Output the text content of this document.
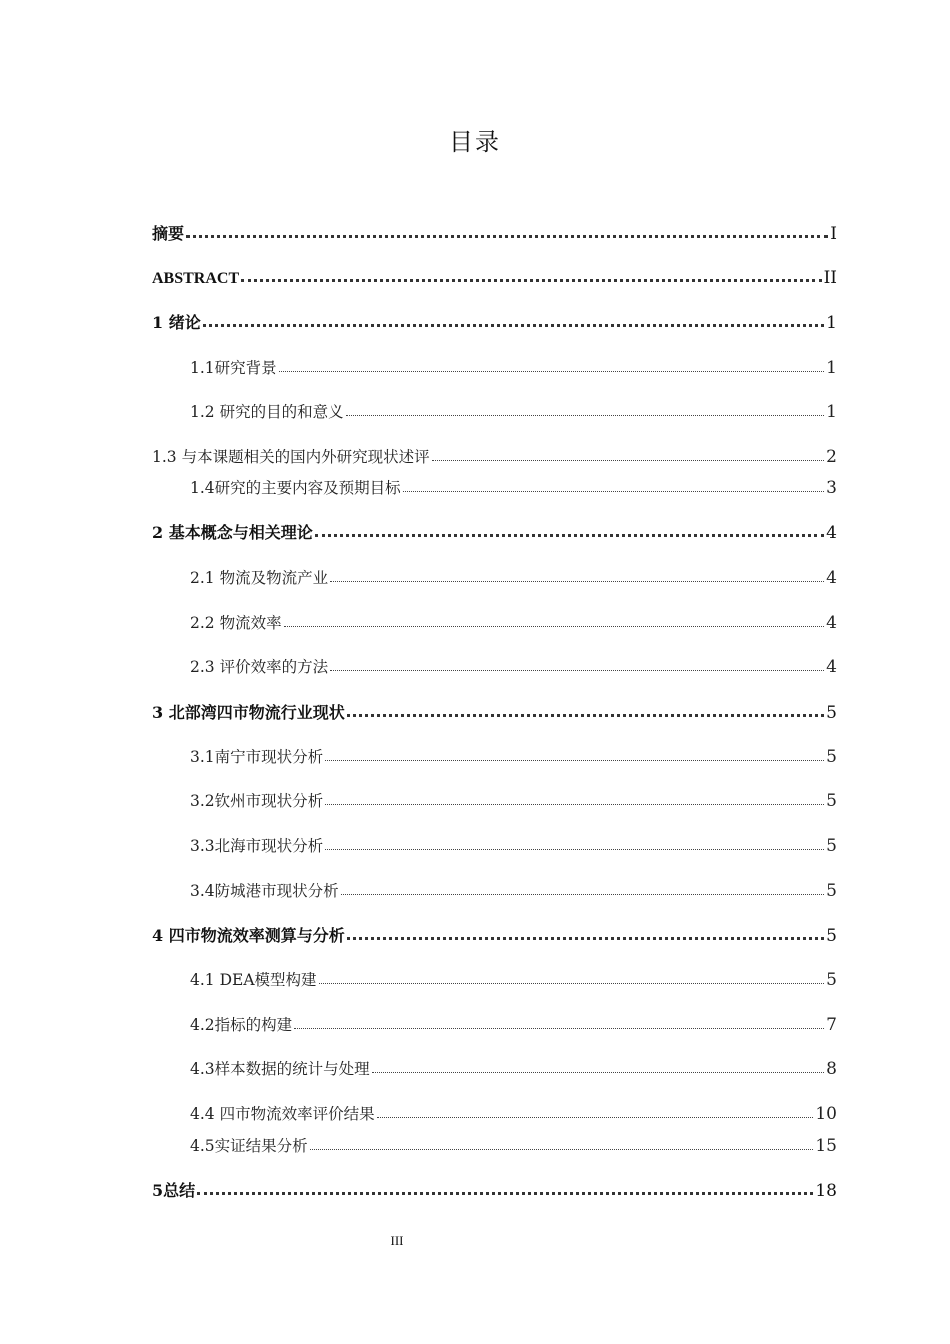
目录
摘要	I
ABSTRACT	II
1 绪论	1
1.1研究背景	1
1.2 研究的目的和意义	1
1.3 与本课题相关的国内外研究现状述评	2
1.4研究的主要内容及预期目标	3
2 基本概念与相关理论	4
2.1 物流及物流产业	4
2.2 物流效率	4
2.3 评价效率的方法	4
3 北部湾四市物流行业现状	5
3.1南宁市现状分析	5
3.2钦州市现状分析	5
3.3北海市现状分析	5
3.4防城港市现状分析	5
4 四市物流效率测算与分析	5
4.1 DEA模型构建	5
4.2指标的构建	7
4.3样本数据的统计与处理	8
4.4 四市物流效率评价结果	10
4.5实证结果分析	15
5总结	18
III
